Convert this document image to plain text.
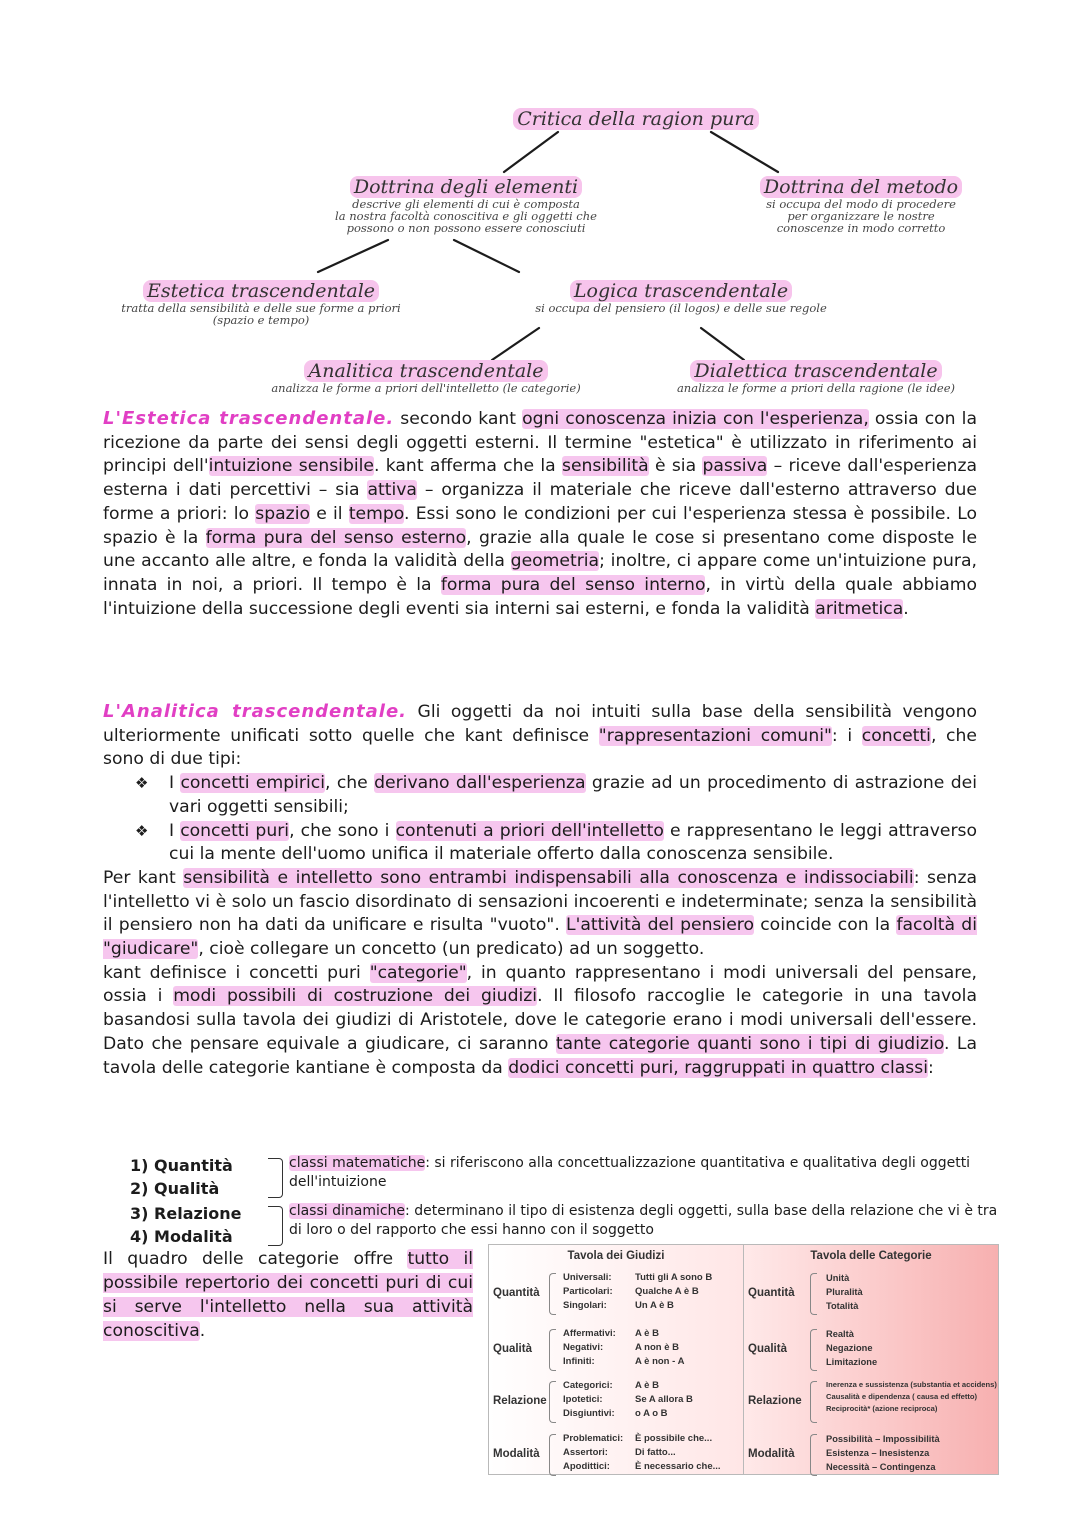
Critica della ragion pura
Dottrina degli elementi
descrive gli elementi di cui è composta
la nostra facoltà conoscitiva e gli oggetti che
possono o non possono essere conosciuti
Dottrina del metodo
si occupa del modo di procedere
per organizzare le nostre
conoscenze in modo corretto
Estetica trascendentale
tratta della sensibilità e delle sue forme a priori
(spazio e tempo)
Logica trascendentale
si occupa del pensiero (il logos) e delle sue regole
Analitica trascendentale
analizza le forme a priori dell'intelletto (le categorie)
Dialettica trascendentale
analizza le forme a priori della ragione (le idee)
L'Estetica trascendentale. secondo kant ogni conoscenza inizia con l'esperienza, ossia con la ricezione da parte dei sensi degli oggetti esterni. Il termine "estetica" è utilizzato in riferimento ai principi dell'intuizione sensibile. kant afferma che la sensibilità è sia passiva – riceve dall'esperienza esterna i dati percettivi – sia attiva – organizza il materiale che riceve dall'esterno attraverso due forme a priori: lo spazio e il tempo. Essi sono le condizioni per cui l'esperienza stessa è possibile. Lo spazio è la forma pura del senso esterno, grazie alla quale le cose si presentano come disposte le une accanto alle altre, e fonda la validità della geometria; inoltre, ci appare come un'intuizione pura, innata in noi, a priori. Il tempo è la forma pura del senso interno, in virtù della quale abbiamo l'intuizione della successione degli eventi sia interni sai esterni, e fonda la validità aritmetica.
L'Analitica trascendentale. Gli oggetti da noi intuiti sulla base della sensibilità vengono ulteriormente unificati sotto quelle che kant definisce "rappresentazioni comuni": i concetti, che sono di due tipi:
❖ I concetti empirici, che derivano dall'esperienza grazie ad un procedimento di astrazione dei vari oggetti sensibili;
❖ I concetti puri, che sono i contenuti a priori dell'intelletto e rappresentano le leggi attraverso cui la mente dell'uomo unifica il materiale offerto dalla conoscenza sensibile.
Per kant sensibilità e intelletto sono entrambi indispensabili alla conoscenza e indissociabili: senza l'intelletto vi è solo un fascio disordinato di sensazioni incoerenti e indeterminate; senza la sensibilità il pensiero non ha dati da unificare e risulta "vuoto". L'attività del pensiero coincide con la facoltà di "giudicare", cioè collegare un concetto (un predicato) ad un soggetto.
kant definisce i concetti puri "categorie", in quanto rappresentano i modi universali del pensare, ossia i modi possibili di costruzione dei giudizi. Il filosofo raccoglie le categorie in una tavola basandosi sulla tavola dei giudizi di Aristotele, dove le categorie erano i modi universali dell'essere. Dato che pensare equivale a giudicare, ci saranno tante categorie quanti sono i tipi di giudizio. La tavola delle categorie kantiane è composta da dodici concetti puri, raggruppati in quattro classi:
1) Quantità
2) Qualità
classi matematiche: si riferiscono alla concettualizzazione quantitativa e qualitativa degli oggetti dell'intuizione
3) Relazione
4) Modalità
classi dinamiche: determinano il tipo di esistenza degli oggetti, sulla base della relazione che vi è tra di loro o del rapporto che essi hanno con il soggetto
Il quadro delle categorie offre tutto il possibile repertorio dei concetti puri di cui si serve l'intelletto nella sua attività conoscitiva.
Tavola dei Giudizi
Quantità
Universali:	Tutti gli A sono B
Particolari:	Qualche A è B
Singolari:	Un A è B
Qualità
Affermativi:	A è B
Negativi:	A non è B
Infiniti:	A è non - A
Relazione
Categorici:	A è B
Ipotetici:	Se A allora B
Disgiuntivi:	o A o B
Modalità
Problematici:	È possibile che...
Assertori:	Di fatto...
Apodittici:	È necessario che...
Tavola delle Categorie
Quantità
Unità
Pluralità
Totalità
Qualità
Realtà
Negazione
Limitazione
Relazione
Inerenza e sussistenza (substantia et accidens)
Causalità e dipendenza ( causa ed effetto)
Reciprocità* (azione reciproca)
Modalità
Possibilità – Impossibilità
Esistenza – Inesistenza
Necessità – Contingenza
